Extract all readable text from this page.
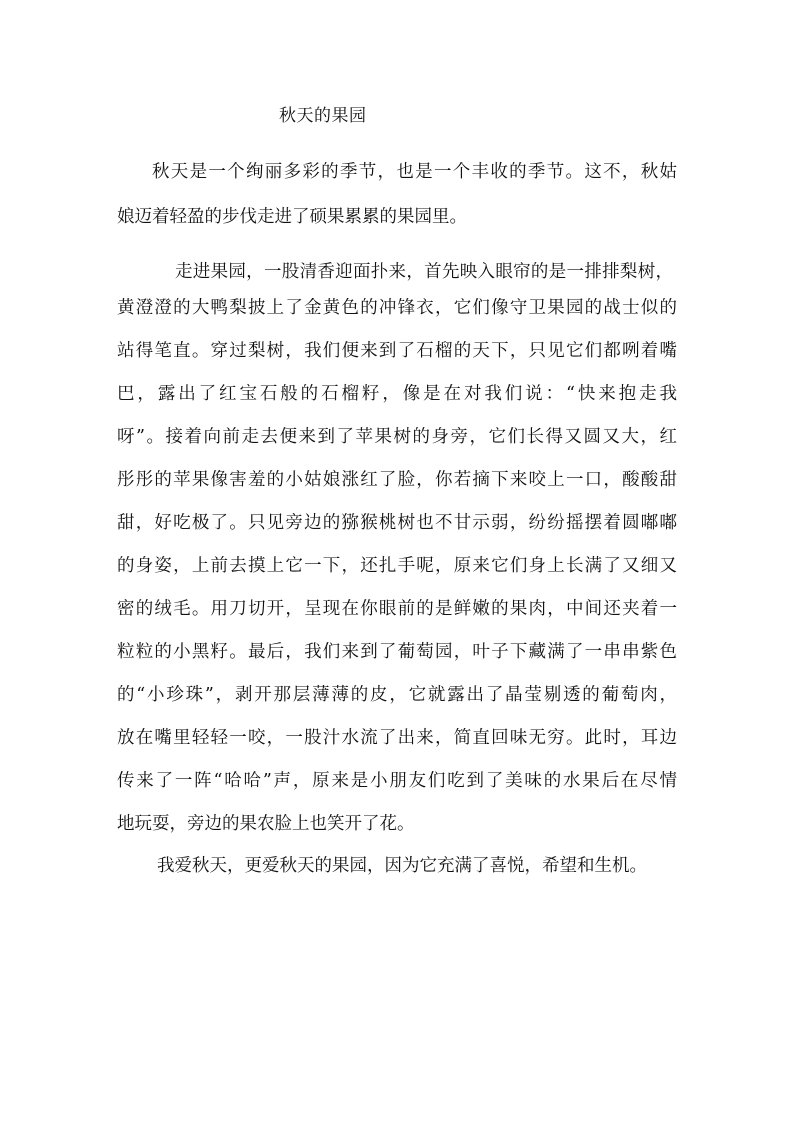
秋天的果园
秋天是一个绚丽多彩的季节，也是一个丰收的季节。这不，秋姑
娘迈着轻盈的步伐走进了硕果累累的果园里。
走进果园，一股清香迎面扑来，首先映入眼帘的是一排排梨树，
黄澄澄的大鸭梨披上了金黄色的冲锋衣，它们像守卫果园的战士似的
站得笔直。穿过梨树，我们便来到了石榴的天下，只见它们都咧着嘴
巴，露出了红宝石般的石榴籽，像是在对我们说：“快来抱走我
呀”。接着向前走去便来到了苹果树的身旁，它们长得又圆又大，红
彤彤的苹果像害羞的小姑娘涨红了脸，你若摘下来咬上一口，酸酸甜
甜，好吃极了。只见旁边的猕猴桃树也不甘示弱，纷纷摇摆着圆嘟嘟
的身姿，上前去摸上它一下，还扎手呢，原来它们身上长满了又细又
密的绒毛。用刀切开，呈现在你眼前的是鲜嫩的果肉，中间还夹着一
粒粒的小黑籽。最后，我们来到了葡萄园，叶子下藏满了一串串紫色
的“小珍珠”，剥开那层薄薄的皮，它就露出了晶莹剔透的葡萄肉，
放在嘴里轻轻一咬，一股汁水流了出来，简直回味无穷。此时，耳边
传来了一阵“哈哈”声，原来是小朋友们吃到了美味的水果后在尽情
地玩耍，旁边的果农脸上也笑开了花。
我爱秋天，更爱秋天的果园，因为它充满了喜悦，希望和生机。
